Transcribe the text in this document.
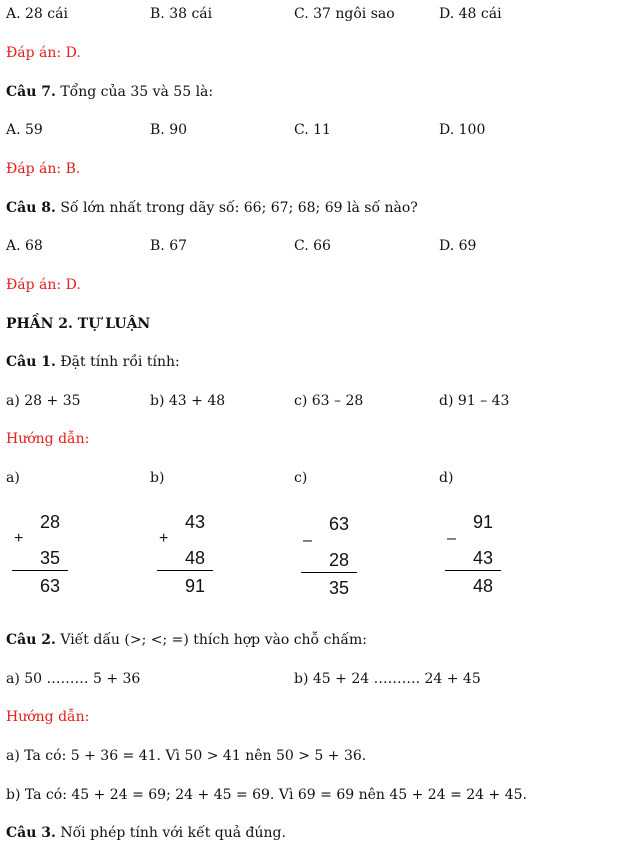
A. 28 cái	B. 38 cái	C. 37 ngôi sao	D. 48 cái
Đáp án: D.
Câu 7. Tổng của 35 và 55 là:
A. 59	B. 90	C. 11	D. 100
Đáp án: B.
Câu 8. Số lớn nhất trong dãy số: 66; 67; 68; 69 là số nào?
A. 68	B. 67	C. 66	D. 69
Đáp án: D.
PHẦN 2. TỰ LUẬN
Câu 1. Đặt tính rồi tính:
a) 28 + 35	b) 43 + 48	c) 63 – 28	d) 91 – 43
Hướng dẫn:
a)	b)	c)	d)
28
+
35
63
43
+
48
91
63
–
28
35
91
–
43
48
Câu 2. Viết dấu (>; <; =) thích hợp vào chỗ chấm:
a) 50 ……… 5 + 36	b) 45 + 24 ………. 24 + 45
Hướng dẫn:
a) Ta có: 5 + 36 = 41. Vì 50 > 41 nên 50 > 5 + 36.
b) Ta có: 45 + 24 = 69; 24 + 45 = 69. Vì 69 = 69 nên 45 + 24 = 24 + 45.
Câu 3. Nối phép tính với kết quả đúng.
